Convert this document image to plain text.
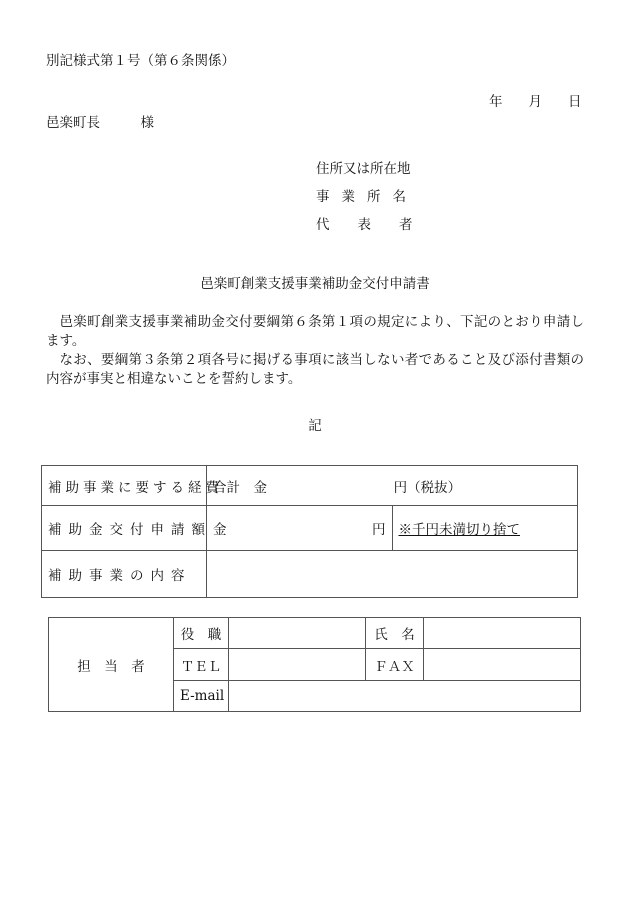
別記様式第１号（第６条関係）
年 月 日
邑楽町長　　　様
住所又は所在地
事業所名
代表者
邑楽町創業支援事業補助金交付申請書

邑楽町創業支援事業補助金交付要綱第６条第１項の規定により、下記のとおり申請します。

なお、要綱第３条第２項各号に掲げる事項に該当しない者であること及び添付書類の内容が事実と相違ないことを誓約します。

記
補助事業に要する経費	合計　金 円（税抜）	
補助金交付申請額	金 円	※千円未満切り捨て
補助事業の内容		
担　当　者	役　職		氏　名	
	ＴＥＬ		ＦＡＸ	
	E-mail			
